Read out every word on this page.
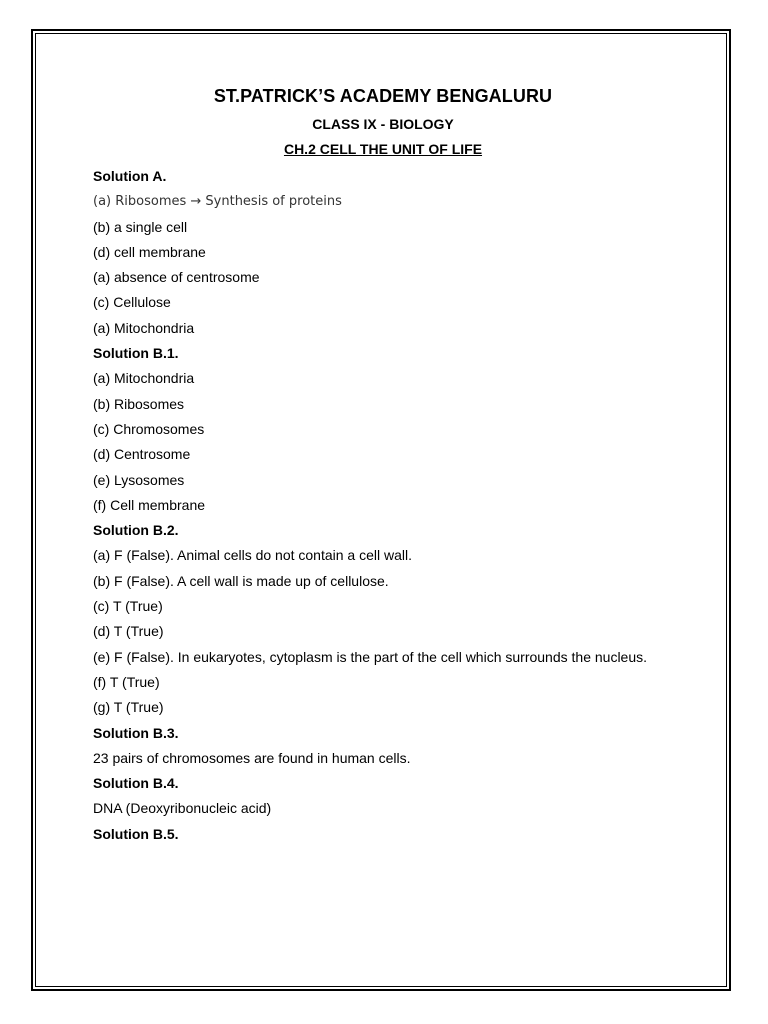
ST.PATRICK’S ACADEMY BENGALURU
CLASS IX - BIOLOGY
CH.2 CELL THE UNIT OF LIFE

Solution A.

(a) Ribosomes → Synthesis of proteins

(b) a single cell

(d) cell membrane

(a) absence of centrosome

(c) Cellulose

(a) Mitochondria

Solution B.1.

(a) Mitochondria

(b) Ribosomes

(c) Chromosomes

(d) Centrosome

(e) Lysosomes

(f) Cell membrane

Solution B.2.

(a) F (False). Animal cells do not contain a cell wall.

(b) F (False). A cell wall is made up of cellulose.

(c) T (True)

(d) T (True)

(e) F (False). In eukaryotes, cytoplasm is the part of the cell which surrounds the nucleus.

(f) T (True)

(g) T (True)

Solution B.3.

23 pairs of chromosomes are found in human cells.

Solution B.4.

DNA (Deoxyribonucleic acid)

Solution B.5.
